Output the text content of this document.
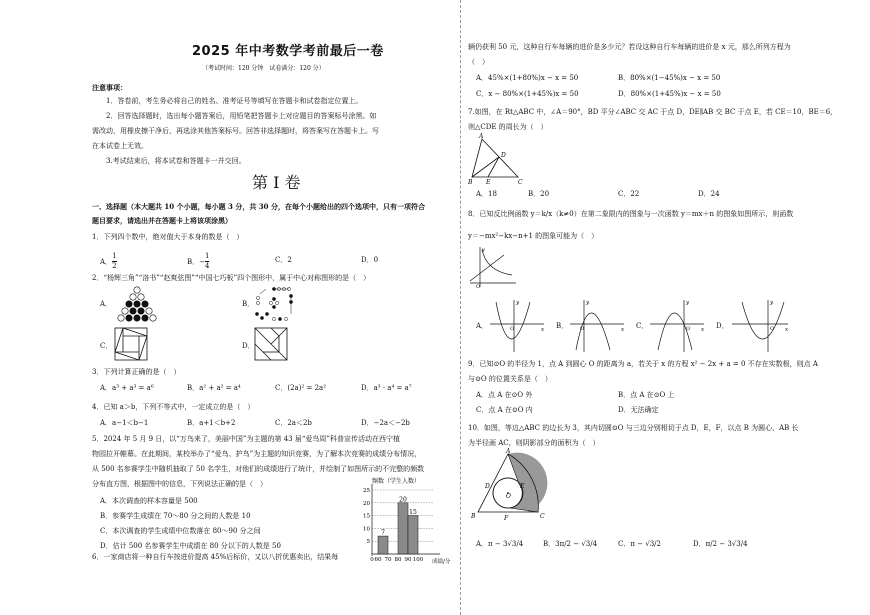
2025 年中考数学考前最后一卷
（考试时间：120 分钟　试卷满分：120 分）
注意事项：
1．答卷前，考生务必将自己的姓名、准考证号等填写在答题卡和试卷指定位置上。
2．回答选择题时，选出每小题答案后，用铅笔把答题卡上对应题目的答案标号涂黑。如
需改动，用橡皮擦干净后，再选涂其他答案标号。回答非选择题时，将答案写在答题卡上。写
在本试卷上无效。
3.考试结束后，将本试卷和答题卡一并交回。
第 I 卷
一、选择题（本大题共 10 个小题，每小题 3 分，共 30 分，在每个小题给出的四个选项中，只有一项符合
题目要求，请选出并在答题卡上将该项涂黑）
1．下列四个数中，绝对值大于本身的数是（　）
A． $\frac{1}{2}$	B．− $\frac{1}{4}$	C．2	D．0
2．“杨辉三角”“洛书”“赵爽弦图”“中国七巧板”四个图形中，属于中心对称图形的是（　）
A．	B．
C．	D．
3．下列计算正确的是（　）
A．a³ + a³ = a⁶	B．a² + a² = a⁴	C．(2a)² = 2a²	D．a³ · a⁴ = a⁷
4．已知 a＞b，下列不等式中，一定成立的是（　）
A．a−1＜b−1	B．a+1＜b+2	C．2a＜2b	D．−2a＜−2b
5．2024 年 5 月 9 日，以“万鸟来了，美丽中国”为主题的第 43 届“爱鸟周”科普宣传活动在西宁植
物园拉开帷幕。在此期间，某校举办了“爱鸟、护鸟”为主题的知识竞赛，为了解本次竞赛的成绩分布情况，
从 500 名参赛学生中随机抽取了 50 名学生，对他们的成绩进行了统计，并绘制了如图所示的不完整的频数
分布直方图，根据图中的信息，下列说法正确的是（　）
A．本次调查的样本容量是 500
B．参赛学生成绩在 70～80 分之间的人数是 10
C．本次调查的学生成绩中位数落在 80～90 分之间
D．估计 500 名参赛学生中成绩在 80 分以下的人数是 50
频数（学生人数）
5
10
15
20
25
0 60 70 80 90 100
7
20
15
成绩/分
6．一家商店将一种自行车按进价提高 45%后标价，又以八折优惠卖出，结果每
辆仍获利 50 元，这种自行车每辆的进价是多少元？若设这种自行车每辆的进价是 x 元，那么所列方程为
（　）
A．45%×(1+80%)x − x = 50	B．80%×(1−45%)x − x = 50
C．x − 80%×(1+45%)x = 50	D．80%×(1+45%)x − x = 50
7.如图，在 Rt△ABC 中，∠A＝90°，BD 平分∠ABC 交 AC 于点 D，DE∥AB 交 BC 于点 E，若 CE＝10，BE＝6，
则△CDE 的周长为（　）
A
D
B E	C
A．18	B．20	C．22	D．24
8．已知反比例函数 y＝k/x（k≠0）在第二象限内的图象与一次函数 y＝mx＋n 的图象如图所示，则函数
y＝−mx²−kx−n+1 的图象可能为（　）
O
y
A．
y
O	x B．
y
O	x C．
y
O x D．
y
O x
9．已知⊙O 的半径为 1，点 A 到圆心 O 的距离为 a，若关于 x 的方程 x² − 2x + a = 0 不存在实数根，则点 A
与⊙O 的位置关系是（　）
A．点 A 在⊙O 外	B．点 A 在⊙O 上
C．点 A 在⊙O 内	D．无法确定
10．如图，等边△ABC 的边长为 3，其内切圆⊙O 与三边分别相切于点 D，E，F，以点 B 为圆心，AB 长
为半径画 AC，则阴影部分的面积为（　）
A
D	E
O
B	F	C
A．π − 3√3/4	B．3π/2 − √3/4	C．π − √3/2	D．π/2 − 3√3/4
